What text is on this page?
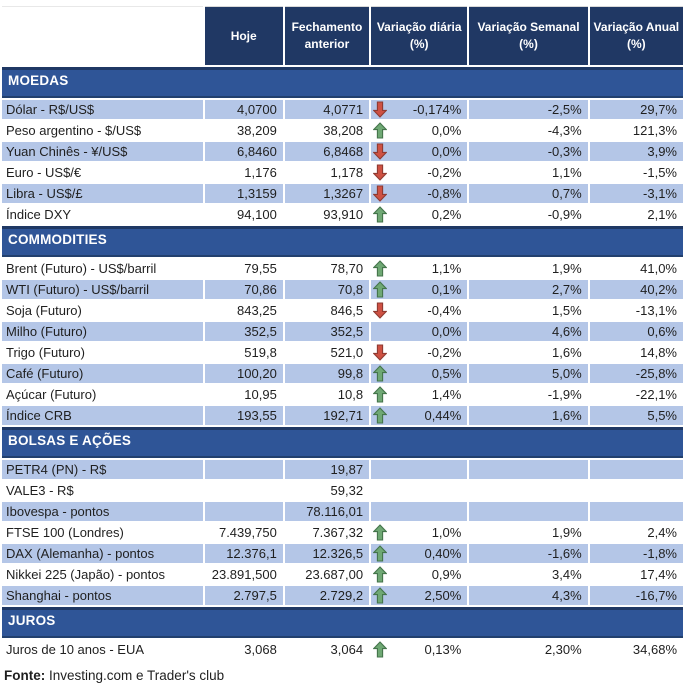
	Hoje	Fechamento anterior	Variação diária (%)	Variação Semanal (%)	Variação Anual (%)
MOEDAS					
Dólar - R$/US$	4,0700	4,0771	-0,174%	-2,5%	29,7%
Peso argentino - $/US$	38,209	38,208	0,0%	-4,3%	121,3%
Yuan Chinês - ¥/US$	6,8460	6,8468	0,0%	-0,3%	3,9%
Euro - US$/€	1,176	1,178	-0,2%	1,1%	-1,5%
Libra - US$/£	1,3159	1,3267	-0,8%	0,7%	-3,1%
Índice DXY	94,100	93,910	0,2%	-0,9%	2,1%
COMMODITIES					
Brent (Futuro) - US$/barril	79,55	78,70	1,1%	1,9%	41,0%
WTI (Futuro) - US$/barril	70,86	70,8	0,1%	2,7%	40,2%
Soja (Futuro)	843,25	846,5	-0,4%	1,5%	-13,1%
Milho (Futuro)	352,5	352,5	0,0%	4,6%	0,6%
Trigo (Futuro)	519,8	521,0	-0,2%	1,6%	14,8%
Café (Futuro)	100,20	99,8	0,5%	5,0%	-25,8%
Açúcar (Futuro)	10,95	10,8	1,4%	-1,9%	-22,1%
Índice CRB	193,55	192,71	0,44%	1,6%	5,5%
BOLSAS E AÇÕES					
PETR4 (PN) - R$		19,87	

VALE3 - R$		59,32	

Ibovespa - pontos		78.116,01	

FTSE 100 (Londres)	7.439,750	7.367,32	1,0%	1,9%	2,4%
DAX (Alemanha) - pontos	12.376,1	12.326,5	0,40%	-1,6%	-1,8%
Nikkei 225 (Japão) - pontos	23.891,500	23.687,00	0,9%	3,4%	17,4%
Shanghai - pontos	2.797,5	2.729,2	2,50%	4,3%	-16,7%
JUROS					
Juros de 10 anos - EUA	3,068	3,064	0,13%	2,30%	34,68%
Fonte: Investing.com e Trader's club
